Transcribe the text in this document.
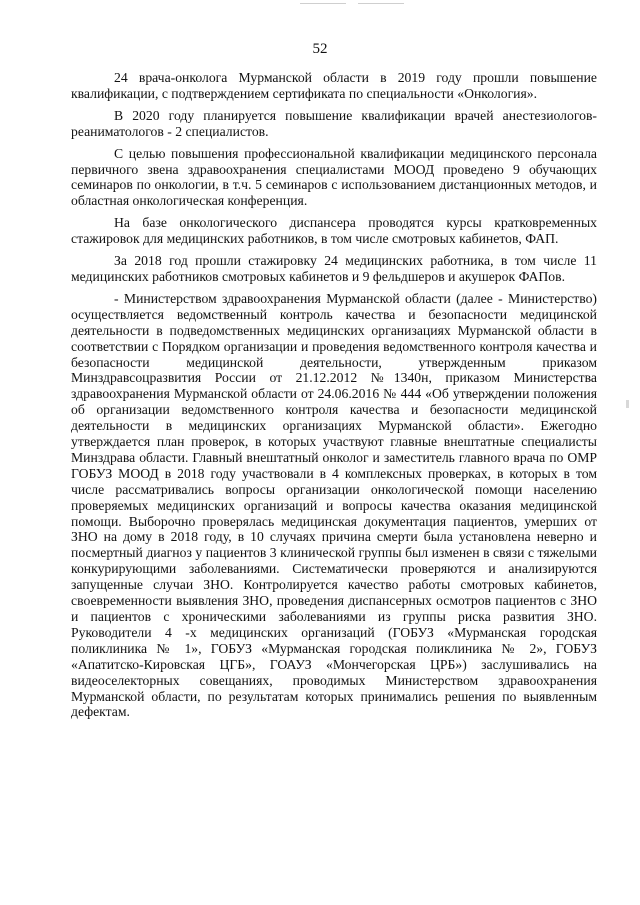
52

24 врача-онколога Мурманской области в 2019 году прошли повышение квалификации, с подтверждением сертификата по специальности «Онкология».

В 2020 году планируется повышение квалификации врачей анестезиологов-реаниматологов - 2 специалистов.

С целью повышения профессиональной квалификации медицинского персонала первичного звена здравоохранения специалистами МООД проведено 9 обучающих семинаров по онкологии, в т.ч. 5 семинаров с использованием дистанционных методов, и областная онкологическая конференция.

На базе онкологического диспансера проводятся курсы кратковременных стажировок для медицинских работников, в том числе смотровых кабинетов, ФАП.

За 2018 год прошли стажировку 24 медицинских работника, в том числе 11 медицинских работников смотровых кабинетов и 9 фельдшеров и акушерок ФАПов.

- Министерством здравоохранения Мурманской области (далее - Министерство) осуществляется ведомственный контроль качества и безопасности медицинской деятельности в подведомственных медицинских организациях Мурманской области в соответствии с Порядком организации и проведения ведомственного контроля качества и безопасности медицинской деятельности, утвержденным приказом Минздравсоцразвития России от 21.12.2012 №1340н, приказом Министерства здравоохранения Мурманской области от 24.06.2016 № 444 «Об утверждении положения об организации ведомственного контроля качества и безопасности медицинской деятельности в медицинских организациях Мурманской области». Ежегодно утверждается план проверок, в которых участвуют главные внештатные специалисты Минздрава области. Главный внештатный онколог и заместитель главного врача по ОМР ГОБУЗ МООД в 2018 году участвовали в 4 комплексных проверках, в которых в том числе рассматривались вопросы организации онкологической помощи населению проверяемых медицинских организаций и вопросы качества оказания медицинской помощи. Выборочно проверялась медицинская документация пациентов, умерших от ЗНО на дому в 2018 году, в 10 случаях причина смерти была установлена неверно и посмертный диагноз у пациентов 3 клинической группы был изменен в связи с тяжелыми конкурирующими заболеваниями. Систематически проверяются и анализируются запущенные случаи ЗНО. Контролируется качество работы смотровых кабинетов, своевременности выявления ЗНО, проведения диспансерных осмотров пациентов с ЗНО и пациентов с хроническими заболеваниями из группы риска развития ЗНО. Руководители 4 -х медицинских организаций (ГОБУЗ «Мурманская городская поликлиника № 1», ГОБУЗ «Мурманская городская поликлиника № 2», ГОБУЗ «Апатитско-Кировская ЦГБ», ГОАУЗ «Мончегорская ЦРБ») заслушивались на видеоселекторных совещаниях, проводимых Министерством здравоохранения Мурманской области, по результатам которых принимались решения по выявленным дефектам.
